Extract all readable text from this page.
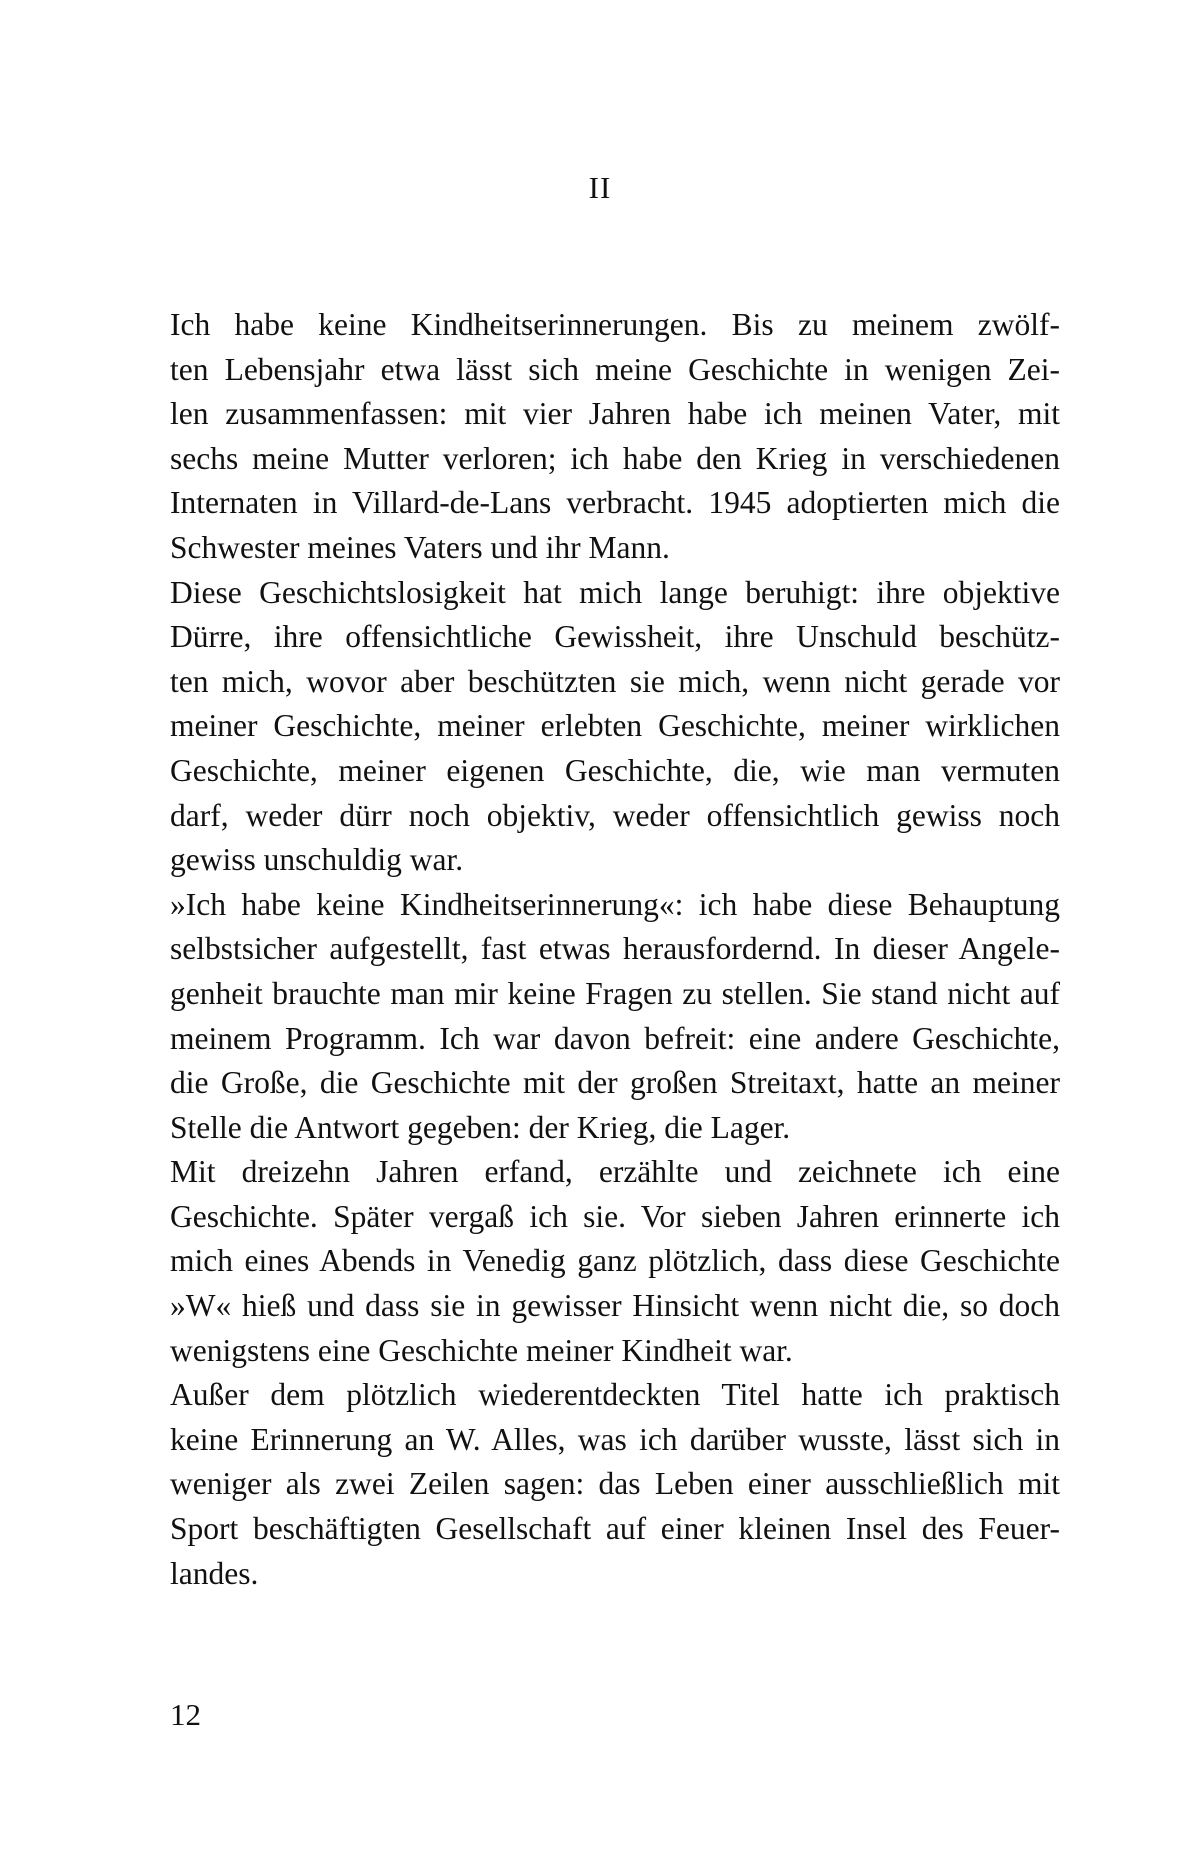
II
Ich habe keine Kindheitserinnerungen. Bis zu meinem zwölf-
ten Lebensjahr etwa lässt sich meine Geschichte in wenigen Zei-
len zusammenfassen: mit vier Jahren habe ich meinen Vater, mit
sechs meine Mutter verloren; ich habe den Krieg in verschiedenen
Internaten in Villard-de-Lans verbracht. 1945 adoptierten mich die
Schwester meines Vaters und ihr Mann.
Diese Geschichtslosigkeit hat mich lange beruhigt: ihre objektive
Dürre, ihre offensichtliche Gewissheit, ihre Unschuld beschütz-
ten mich, wovor aber beschützten sie mich, wenn nicht gerade vor
meiner Geschichte, meiner erlebten Geschichte, meiner wirklichen
Geschichte, meiner eigenen Geschichte, die, wie man vermuten
darf, weder dürr noch objektiv, weder offensichtlich gewiss noch
gewiss unschuldig war.
»Ich habe keine Kindheitserinnerung«: ich habe diese Behauptung
selbstsicher aufgestellt, fast etwas herausfordernd. In dieser Angele-
genheit brauchte man mir keine Fragen zu stellen. Sie stand nicht auf
meinem Programm. Ich war davon befreit: eine andere Geschichte,
die Große, die Geschichte mit der großen Streitaxt, hatte an meiner
Stelle die Antwort gegeben: der Krieg, die Lager.
Mit dreizehn Jahren erfand, erzählte und zeichnete ich eine
Geschichte. Später vergaß ich sie. Vor sieben Jahren erinnerte ich
mich eines Abends in Venedig ganz plötzlich, dass diese Geschichte
»W« hieß und dass sie in gewisser Hinsicht wenn nicht die, so doch
wenigstens eine Geschichte meiner Kindheit war.
Außer dem plötzlich wiederentdeckten Titel hatte ich praktisch
keine Erinnerung an W. Alles, was ich darüber wusste, lässt sich in
weniger als zwei Zeilen sagen: das Leben einer ausschließlich mit
Sport beschäftigten Gesellschaft auf einer kleinen Insel des Feuer-
landes.
12
